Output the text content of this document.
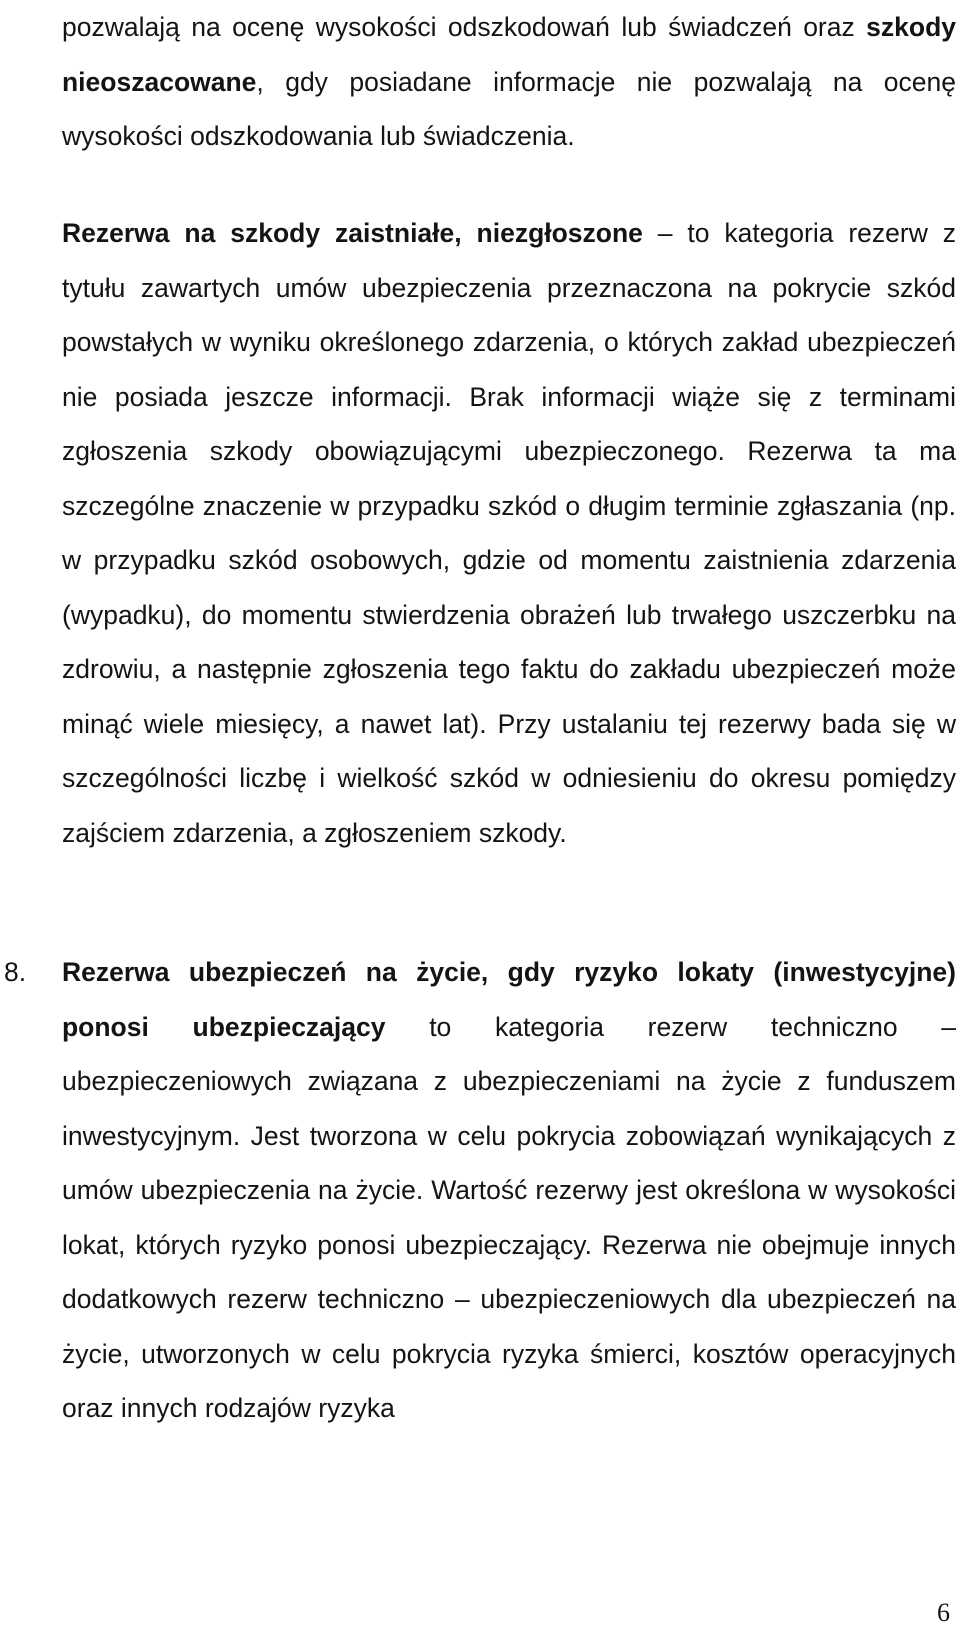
pozwalają na ocenę wysokości odszkodowań lub świadczeń oraz szkody nieoszacowane, gdy posiadane informacje nie pozwalają na ocenę wysokości odszkodowania lub świadczenia.

Rezerwa na szkody zaistniałe, niezgłoszone – to kategoria rezerw z tytułu zawartych umów ubezpieczenia przeznaczona na pokrycie szkód powstałych w wyniku określonego zdarzenia, o których zakład ubezpieczeń nie posiada jeszcze informacji. Brak informacji wiąże się z terminami zgłoszenia szkody obowiązującymi ubezpieczonego. Rezerwa ta ma szczególne znaczenie w przypadku szkód o długim terminie zgłaszania (np. w przypadku szkód osobowych, gdzie od momentu zaistnienia zdarzenia (wypadku), do momentu stwierdzenia obrażeń lub trwałego uszczerbku na zdrowiu, a następnie zgłoszenia tego faktu do zakładu ubezpieczeń może minąć wiele miesięcy, a nawet lat). Przy ustalaniu tej rezerwy bada się w szczególności liczbę i wielkość szkód w odniesieniu do okresu pomiędzy zajściem zdarzenia, a zgłoszeniem szkody.

8. Rezerwa ubezpieczeń na życie, gdy ryzyko lokaty (inwestycyjne) ponosi ubezpieczający to kategoria rezerw techniczno – ubezpieczeniowych związana z ubezpieczeniami na życie z funduszem inwestycyjnym. Jest tworzona w celu pokrycia zobowiązań wynikających z umów ubezpieczenia na życie. Wartość rezerwy jest określona w wysokości lokat, których ryzyko ponosi ubezpieczający. Rezerwa nie obejmuje innych dodatkowych rezerw techniczno – ubezpieczeniowych dla ubezpieczeń na życie, utworzonych w celu pokrycia ryzyka śmierci, kosztów operacyjnych oraz innych rodzajów ryzyka

6
